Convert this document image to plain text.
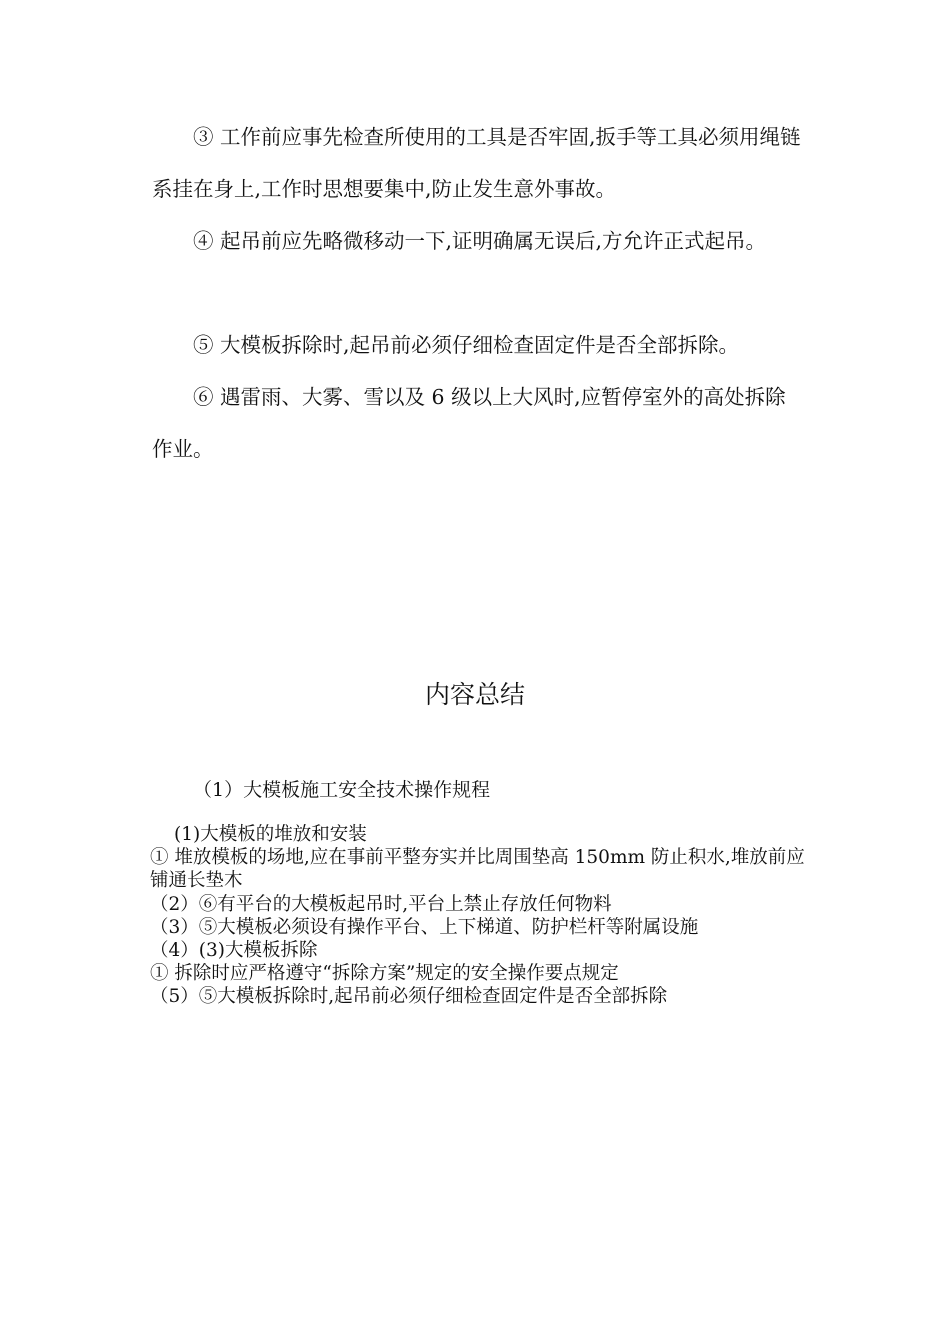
③ 工作前应事先检查所使用的工具是否牢固,扳手等工具必须用绳链系挂在身上,工作时思想要集中,防止发生意外事故。

④ 起吊前应先略微移动一下,证明确属无误后,方允许正式起吊。

⑤ 大模板拆除时,起吊前必须仔细检查固定件是否全部拆除。

⑥ 遇雷雨、大雾、雪以及 6 级以上大风时,应暂停室外的高处拆除作业。

内容总结

（1）大模板施工安全技术操作规程

(1)大模板的堆放和安装
① 堆放模板的场地,应在事前平整夯实并比周围垫高 150mm 防止积水,堆放前应铺通长垫木
（2）⑥有平台的大模板起吊时,平台上禁止存放任何物料
（3）⑤大模板必须设有操作平台、上下梯道、防护栏杆等附属设施
（4）(3)大模板拆除
① 拆除时应严格遵守“拆除方案”规定的安全操作要点规定
（5）⑤大模板拆除时,起吊前必须仔细检查固定件是否全部拆除
